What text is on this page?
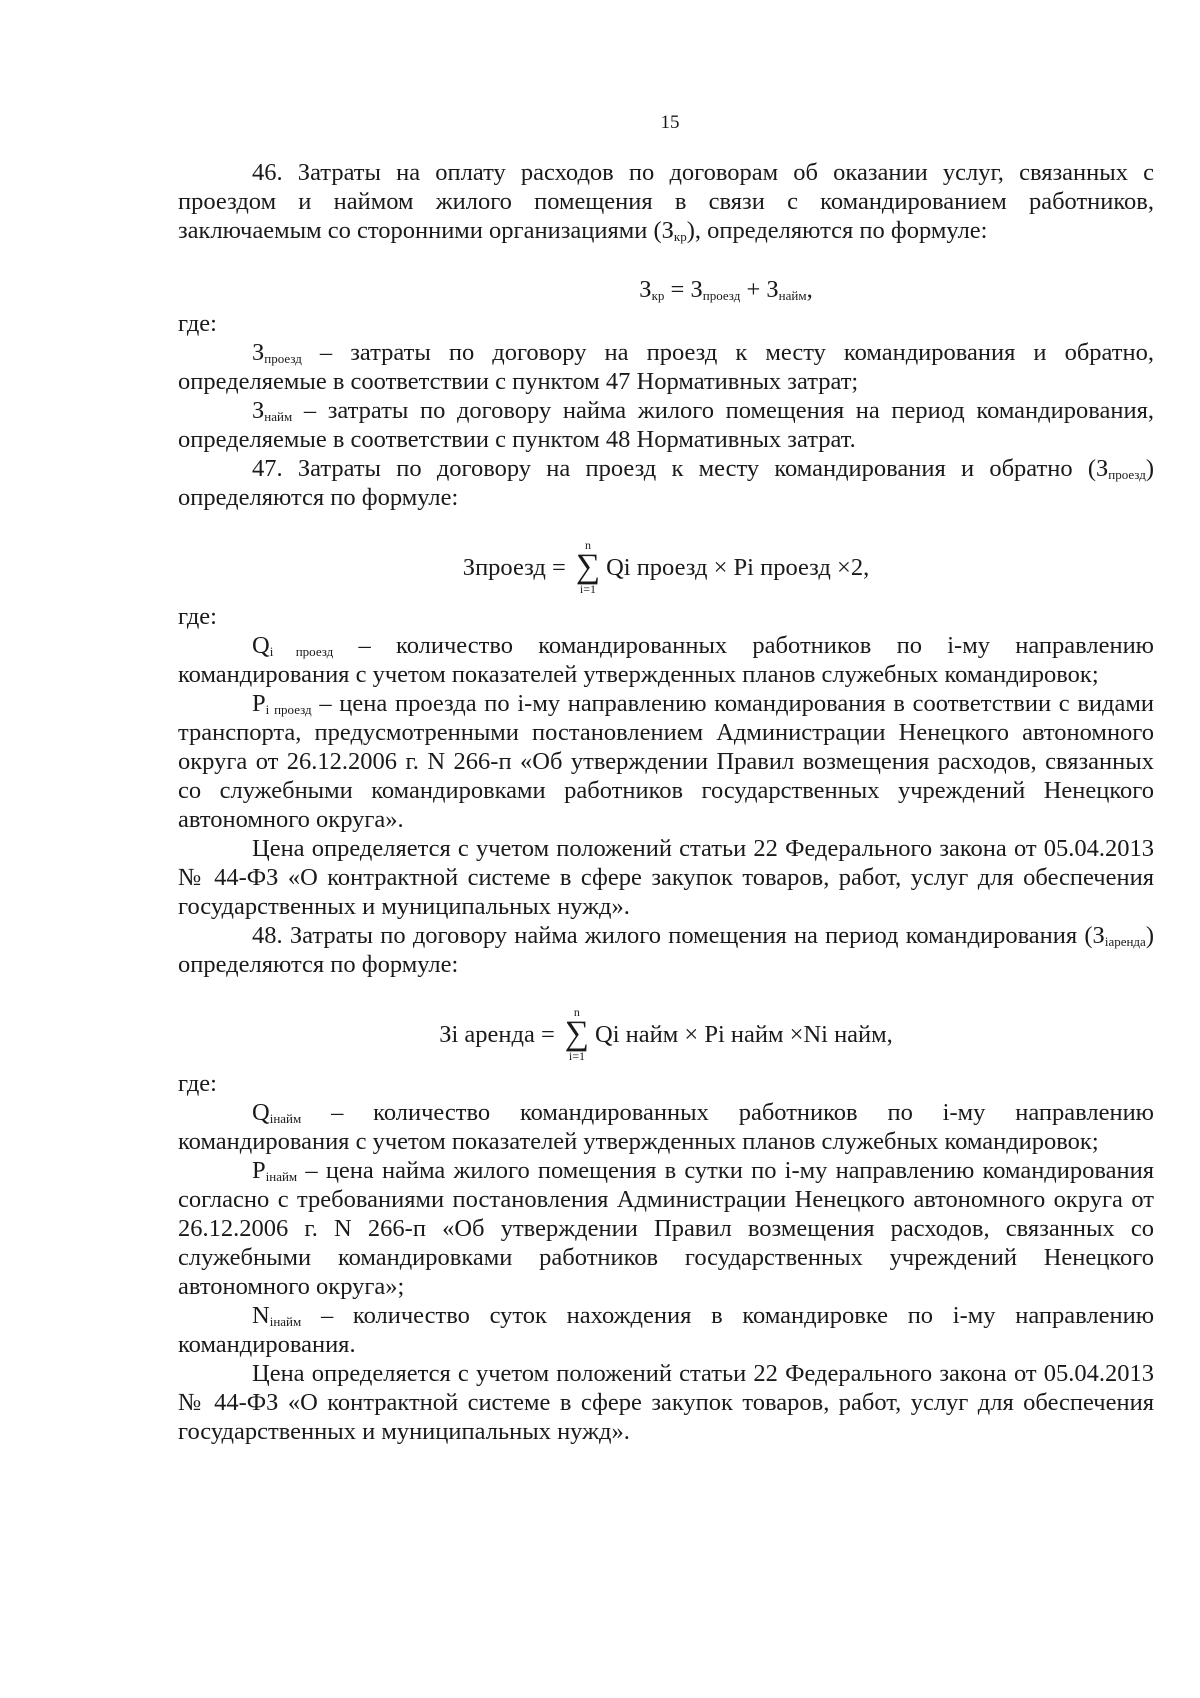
15

46. Затраты на оплату расходов по договорам об оказании услуг, связанных с проездом и наймом жилого помещения в связи с командированием работников, заключаемым со сторонними организациями $(З_{кр})$, определяются по формуле:

$З_{кр} = З_{проезд} + З_{найм}$,

где:

$З_{проезд}$ – затраты по договору на проезд к месту командирования и обратно, определяемые в соответствии с пунктом 47 Нормативных затрат;

$З_{найм}$ – затраты по договору найма жилого помещения на период командирования, определяемые в соответствии с пунктом 48 Нормативных затрат.

47. Затраты по договору на проезд к месту командирования и обратно $(З_{проезд})$ определяются по формуле:

Зпроезд =
n
∑
i=1
Qi проезд × Pi проезд ×2,

где:

$Q_{i проезд}$ – количество командированных работников по i-му направлению командирования с учетом показателей утвержденных планов служебных командировок;

$P_{i проезд}$ – цена проезда по i-му направлению командирования в соответствии с видами транспорта, предусмотренными постановлением Администрации Ненецкого автономного округа от 26.12.2006 г. N 266-п «Об утверждении Правил возмещения расходов, связанных со служебными командировками работников государственных учреждений Ненецкого автономного округа».

Цена определяется с учетом положений статьи 22 Федерального закона от 05.04.2013 № 44-ФЗ «О контрактной системе в сфере закупок товаров, работ, услуг для обеспечения государственных и муниципальных нужд».

48. Затраты по договору найма жилого помещения на период командирования $(З_{iаренда})$ определяются по формуле:

Зi аренда =
n
∑
i=1
Qi найм × Pi найм ×Ni найм,

где:

$Q_{iнайм}$ – количество командированных работников по i-му направлению командирования с учетом показателей утвержденных планов служебных командировок;

$P_{iнайм}$ – цена найма жилого помещения в сутки по i-му направлению командирования согласно с требованиями постановления Администрации Ненецкого автономного округа от 26.12.2006 г. N 266-п «Об утверждении Правил возмещения расходов, связанных со служебными командировками работников государственных учреждений Ненецкого автономного округа»;

$N_{iнайм}$ – количество суток нахождения в командировке по i-му направлению командирования.

Цена определяется с учетом положений статьи 22 Федерального закона от 05.04.2013 № 44-ФЗ «О контрактной системе в сфере закупок товаров, работ, услуг для обеспечения государственных и муниципальных нужд».
